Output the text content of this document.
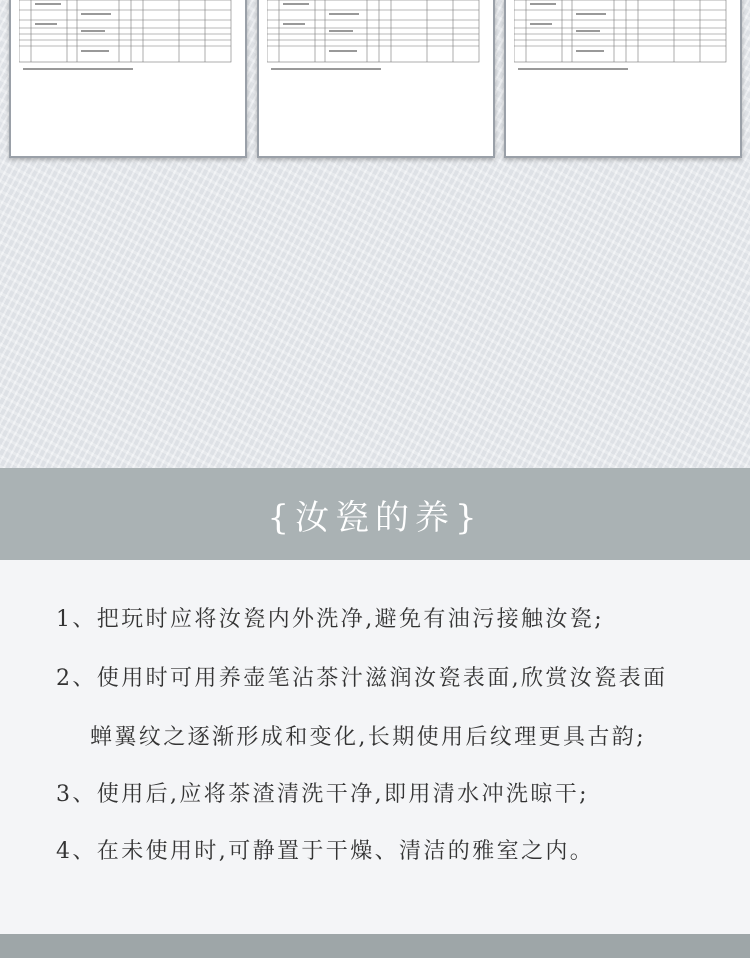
{汝瓷的养}
1、把玩时应将汝瓷内外洗净,避免有油污接触汝瓷;
2、使用时可用养壶笔沾茶汁滋润汝瓷表面,欣赏汝瓷表面
蝉翼纹之逐渐形成和变化,长期使用后纹理更具古韵;
3、使用后,应将茶渣清洗干净,即用清水冲洗晾干;
4、在未使用时,可静置于干燥、清洁的雅室之内。
